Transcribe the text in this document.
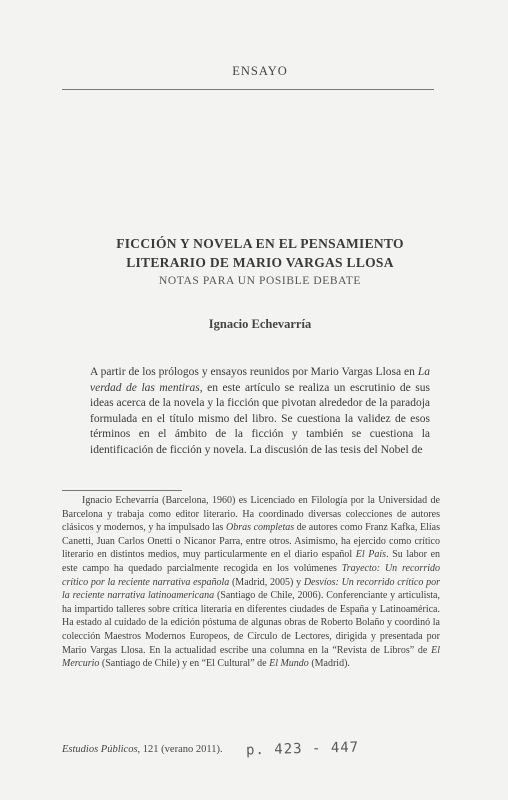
ENSAYO
FICCIÓN Y NOVELA EN EL PENSAMIENTO
LITERARIO DE MARIO VARGAS LLOSA
NOTAS PARA UN POSIBLE DEBATE
Ignacio Echevarría
A partir de los prólogos y ensayos reunidos por Mario Vargas Llosa en La verdad de las mentiras, en este artículo se realiza un escrutinio de sus ideas acerca de la novela y la ficción que pivotan alrededor de la paradoja formulada en el título mismo del libro. Se cuestiona la validez de esos términos en el ámbito de la ficción y también se cuestiona la identificación de ficción y novela. La discusión de las tesis del Nobel de

Ignacio Echevarría (Barcelona, 1960) es Licenciado en Filología por la Universidad de Barcelona y trabaja como editor literario. Ha coordinado diversas colecciones de autores clásicos y modernos, y ha impulsado las Obras completas de autores como Franz Kafka, Elías Canetti, Juan Carlos Onetti o Nicanor Parra, entre otros. Asimismo, ha ejercido como crítico literario en distintos medios, muy particularmente en el diario español El País. Su labor en este campo ha quedado parcialmente recogida en los volúmenes Trayecto: Un recorrido crítico por la reciente narrativa española (Madrid, 2005) y Desvíos: Un recorrido crítico por la reciente narrativa latinoamericana (Santiago de Chile, 2006). Conferenciante y articulista, ha impartido talleres sobre crítica literaria en diferentes ciudades de España y Latinoamérica. Ha estado al cuidado de la edición póstuma de algunas obras de Roberto Bolaño y coordinó la colección Maestros Modernos Europeos, de Círculo de Lectores, dirigida y presentada por Mario Vargas Llosa. En la actualidad escribe una columna en la “Revista de Libros” de El Mercurio (Santiago de Chile) y en “El Cultural” de El Mundo (Madrid).

Estudios Públicos, 121 (verano 2011). p. 423 - 447
